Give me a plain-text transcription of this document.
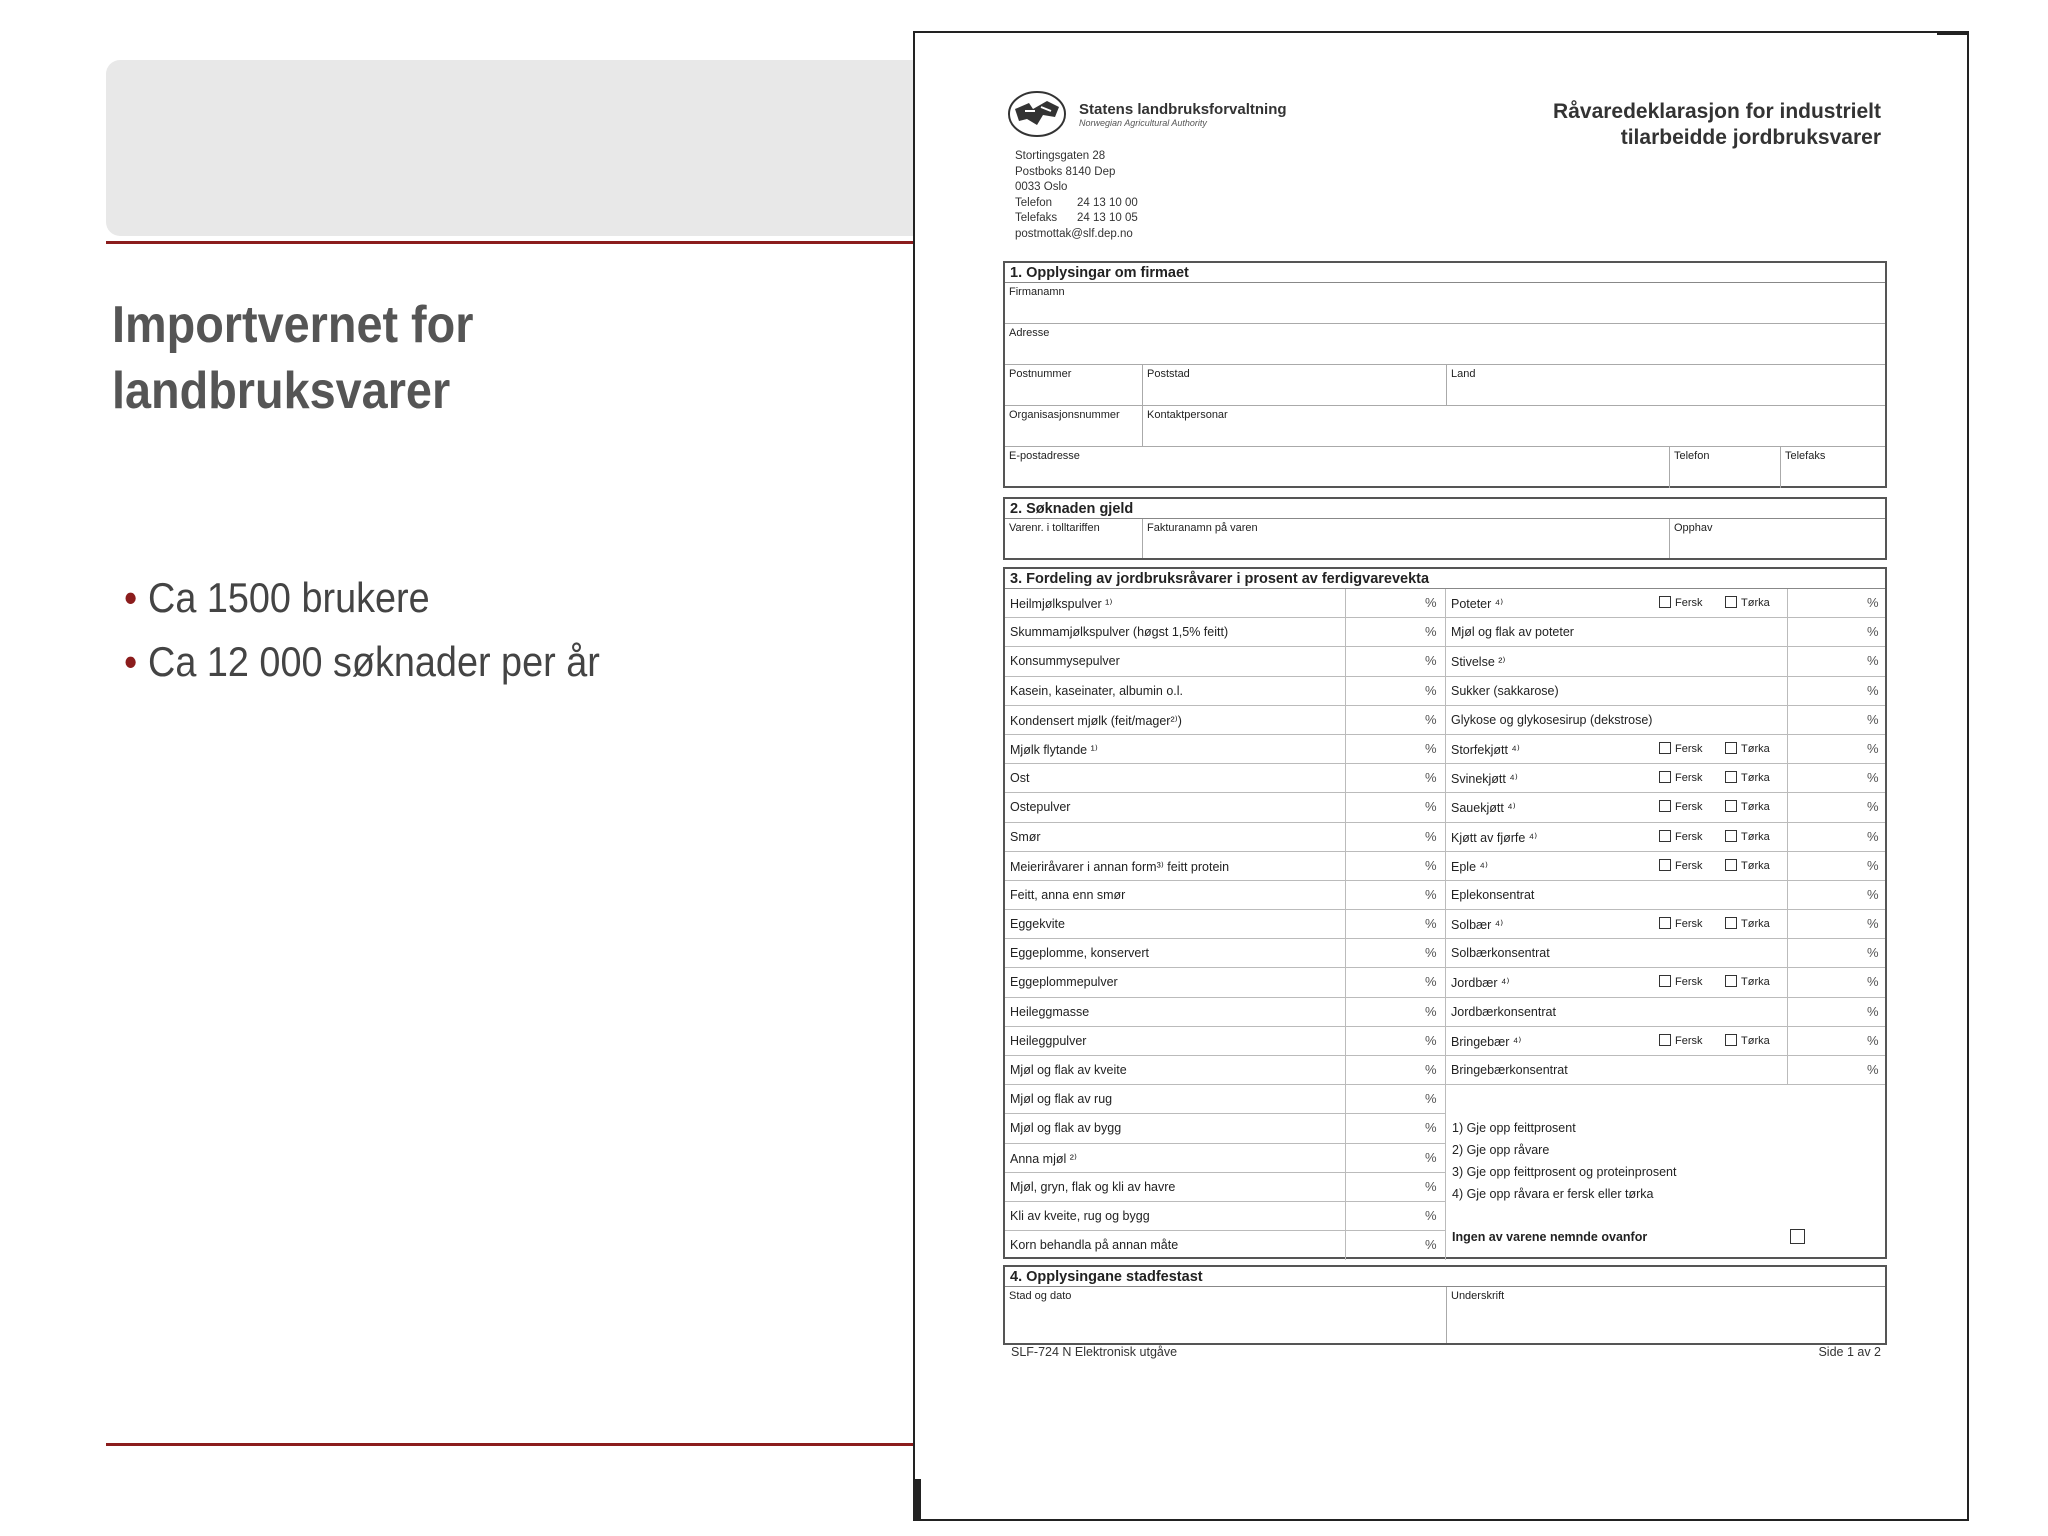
Importvernet for
landbruksvarer
• Ca 1500 brukere
• Ca 12 000 søknader per år
Statens landbruksforvaltning
Norwegian Agricultural Authority	Råvaredeklarasjon for industrielt
tilarbeidde jordbruksvarer
Stortingsgaten 28
Postboks 8140 Dep
0033 Oslo
Telefon 24 13 10 00
Telefaks 24 13 10 05
postmottak@slf.dep.no
1. Opplysingar om firmaet
Firmanamn
Adresse
Postnummer	Poststad	Land
Organisasjonsnummer	Kontaktpersonar
E-postadresse	Telefon	Telefaks
2. Søknaden gjeld
Varenr. i tolltariffen	Fakturanamn på varen	Opphav
3. Fordeling av jordbruksråvarer i prosent av ferdigvarevekta
Heilmjølkspulver ¹⁾	% Poteter ⁴⁾	Fersk	Tørka	%
Skummamjølkspulver (høgst 1,5% feitt)	% Mjøl og flak av poteter	%
Konsummysepulver	% Stivelse ²⁾	%
Kasein, kaseinater, albumin o.l.	% Sukker (sakkarose)	%
Kondensert mjølk (feit/mager²⁾)	% Glykose og glykosesirup (dekstrose)	%
Mjølk flytande ¹⁾	% Storfekjøtt ⁴⁾	Fersk	Tørka	%
Ost	% Svinekjøtt ⁴⁾	Fersk	Tørka	%
Ostepulver	% Sauekjøtt ⁴⁾	Fersk	Tørka	%
Smør	% Kjøtt av fjørfe ⁴⁾	Fersk	Tørka	%
Meieriråvarer i annan form³⁾ feitt protein	% Eple ⁴⁾	Fersk	Tørka	%
Feitt, anna enn smør	% Eplekonsentrat	%
Eggekvite	% Solbær ⁴⁾	Fersk	Tørka	%
Eggeplomme, konservert	% Solbærkonsentrat	%
Eggeplommepulver	% Jordbær ⁴⁾	Fersk	Tørka	%
Heileggmasse	% Jordbærkonsentrat	%
Heileggpulver	% Bringebær ⁴⁾	Fersk	Tørka	%
Mjøl og flak av kveite	% Bringebærkonsentrat	%
Mjøl og flak av rug	%
Mjøl og flak av bygg	%
Anna mjøl ²⁾	%
Mjøl, gryn, flak og kli av havre	%
Kli av kveite, rug og bygg	%
Korn behandla på annan måte	%
1) Gje opp feittprosent
2) Gje opp råvare
3) Gje opp feittprosent og proteinprosent
4) Gje opp råvara er fersk eller tørka
Ingen av varene nemnde ovanfor
4. Opplysingane stadfestast
Stad og dato	Underskrift
SLF-724 N Elektronisk utgåve	Side 1 av 2
